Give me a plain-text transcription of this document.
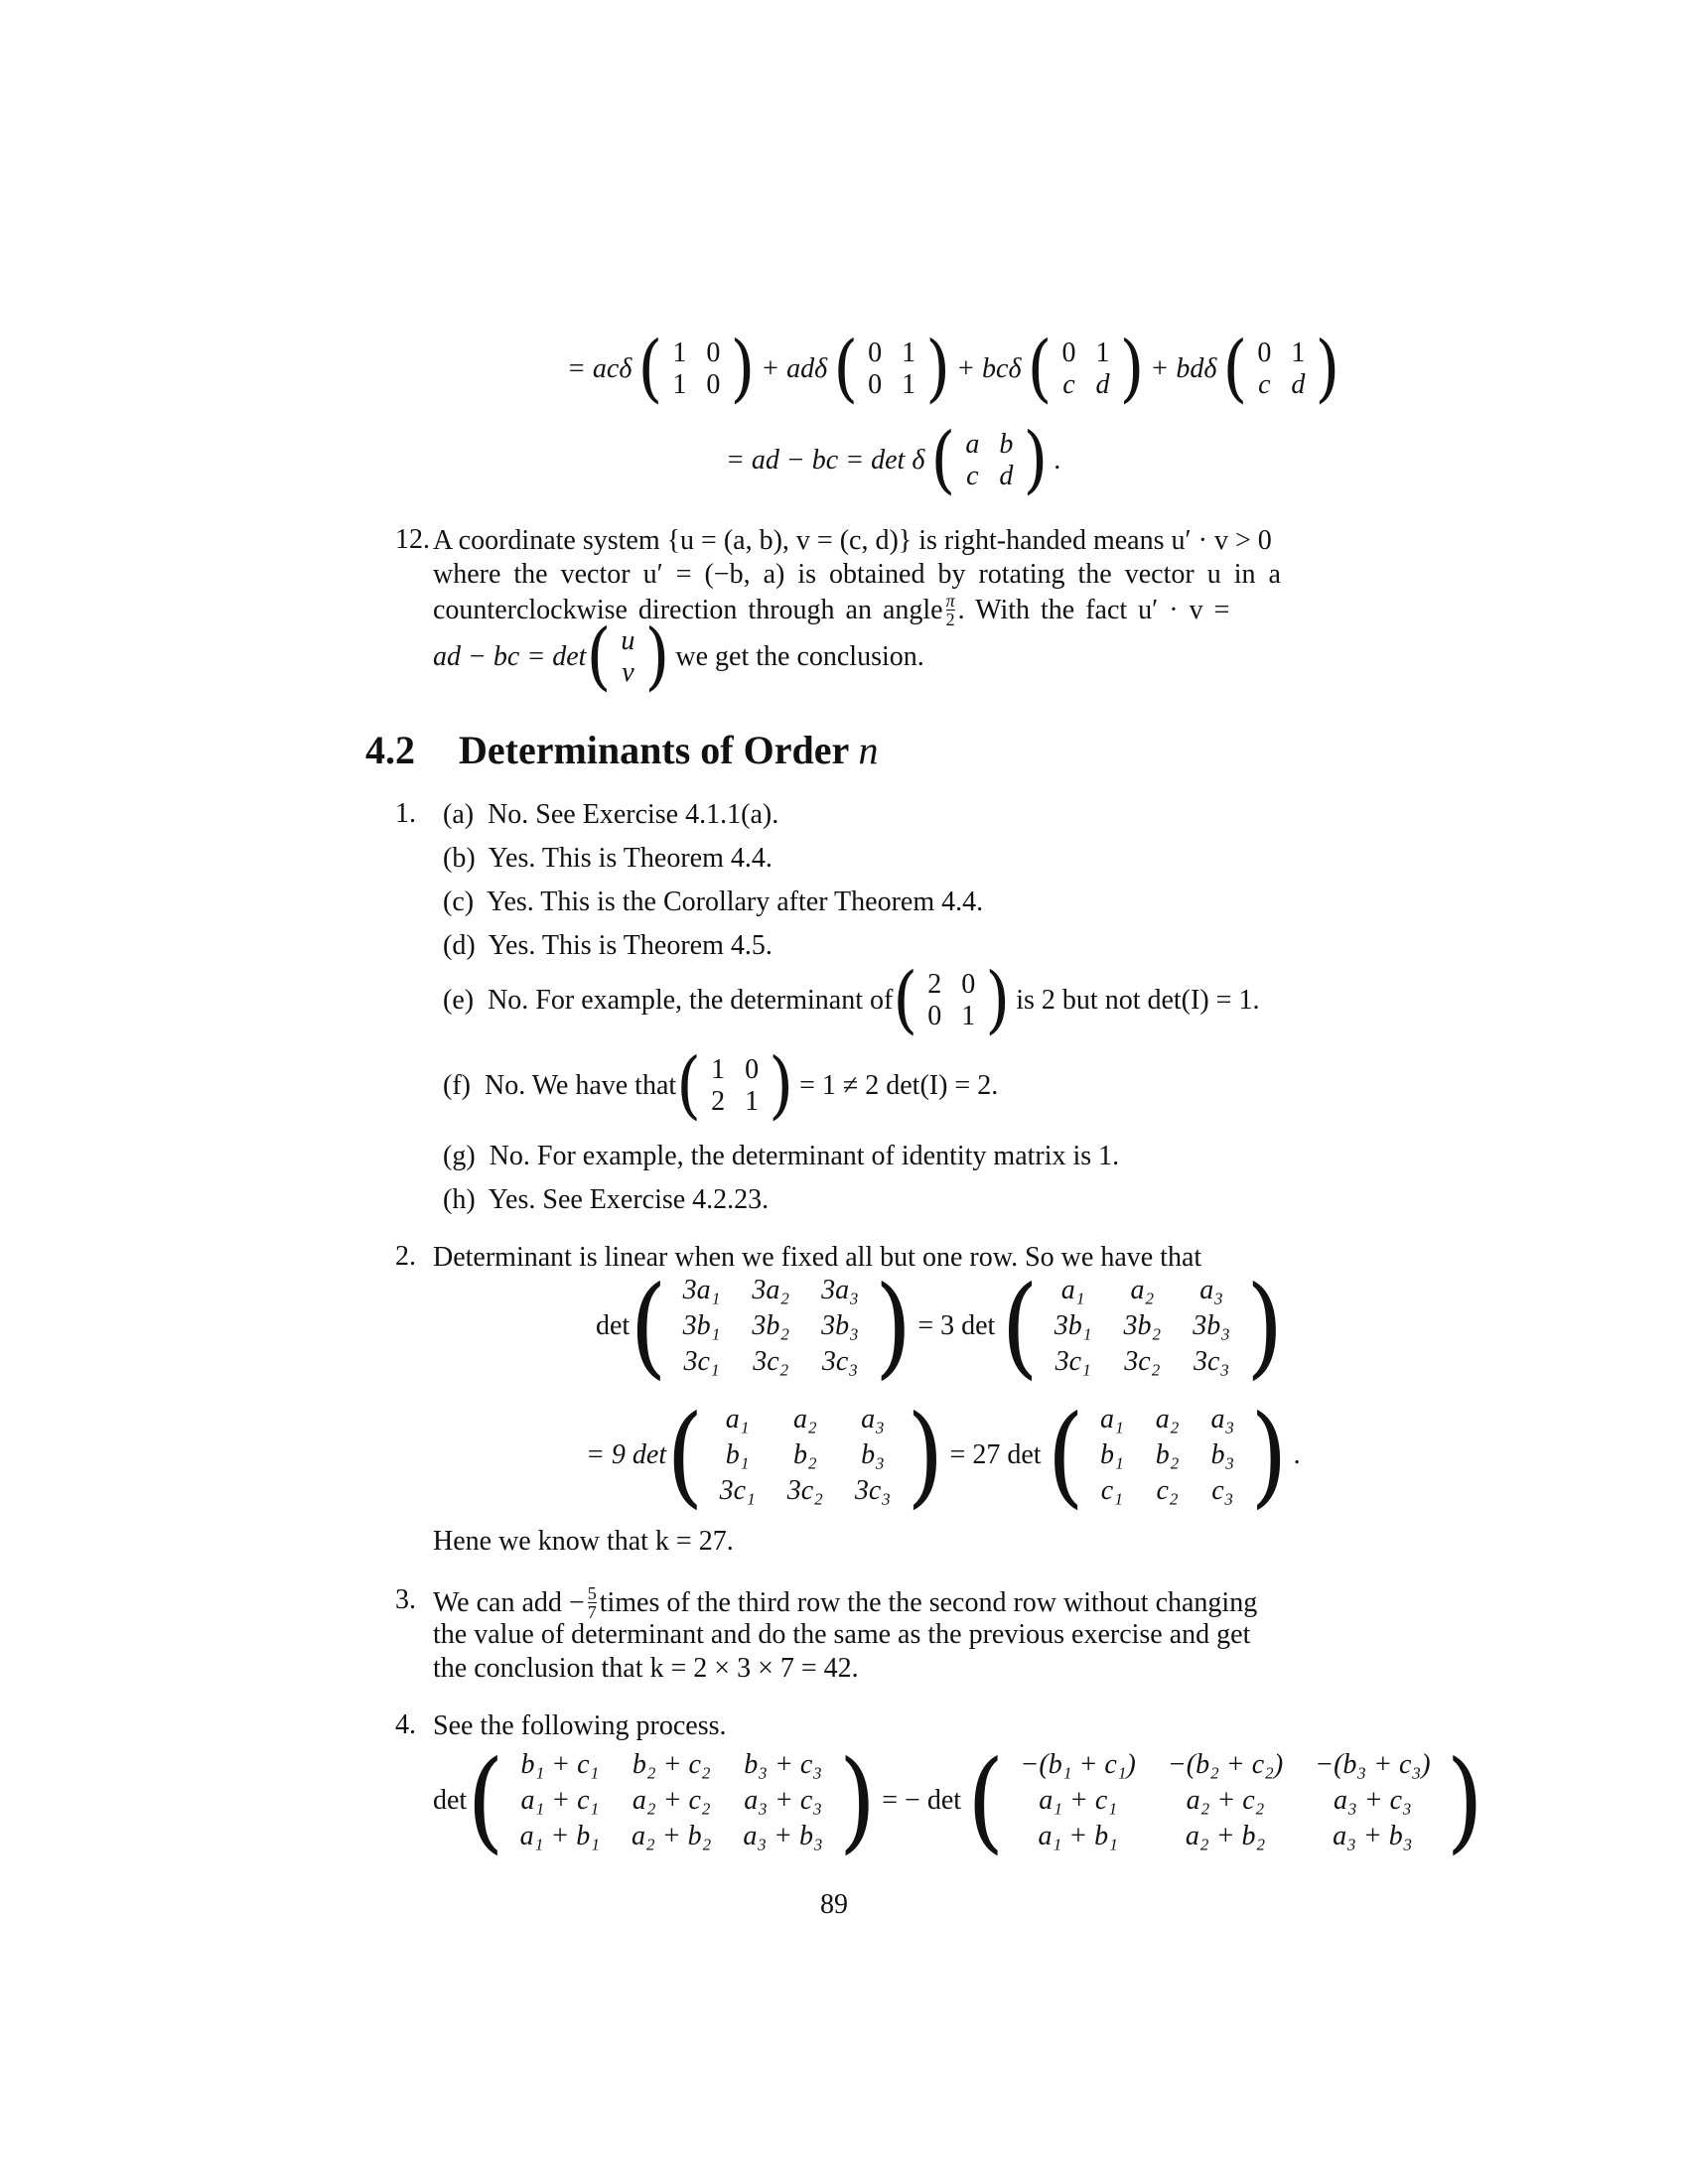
= acδ ( 1	0
1	0 ) + adδ ( 0	1
0	1 ) + bcδ ( 0	1
c	d ) + bdδ ( 0	1
c	d )
= ad − bc = det δ ( a	b
c	d ) .
12. A coordinate system {u = (a, b), v = (c, d)} is right-handed means u′ · v > 0
where the vector u′ = (−b, a) is obtained by rotating the vector u in a
counterclockwise direction through an angle $\frac{\pi}{2}$ . With the fact u′ · v =
ad − bc = det ( u
v ) we get the conclusion.
4.2 Determinants of Order n
1. (a) No. See Exercise 4.1.1(a).
(b) Yes. This is Theorem 4.4.
(c) Yes. This is the Corollary after Theorem 4.4.
(d) Yes. This is Theorem 4.5.
(e)
No. For example, the determinant of ( 2	0
0	1 ) is 2 but not det(I) = 1.
(f)
No. We have that ( 1	0
2	1 ) = 1 ≠ 2 det(I) = 2.
(g) No. For example, the determinant of identity matrix is 1.
(h) Yes. See Exercise 4.2.23.
2. Determinant is linear when we fixed all but one row. So we have that
det ( 3a₁	3a₂	3a₃
3b₁	3b₂	3b₃
3c₁	3c₂	3c₃ ) = 3 det ( a₁	a₂	a₃
3b₁	3b₂	3b₃
3c₁	3c₂	3c₃ )
= 9 det ( a₁	a₂	a₃
b₁	b₂	b₃
3c₁	3c₂	3c₃ ) = 27 det ( a₁	a₂	a₃
b₁	b₂	b₃
c₁	c₂	c₃ ) .
Hene we know that k = 27.
3. We can add − $\frac{5}{7}$ times of the third row the the second row without changing
the value of determinant and do the same as the previous exercise and get
the conclusion that k = 2 × 3 × 7 = 42.
4. See the following process.
det ( b₁ + c₁	b₂ + c₂	b₃ + c₃
a₁ + c₁	a₂ + c₂	a₃ + c₃
a₁ + b₁	a₂ + b₂	a₃ + b₃ ) = − det ( −(b₁ + c₁)	−(b₂ + c₂)	−(b₃ + c₃)
a₁ + c₁	a₂ + c₂	a₃ + c₃
a₁ + b₁	a₂ + b₂	a₃ + b₃ )
89
